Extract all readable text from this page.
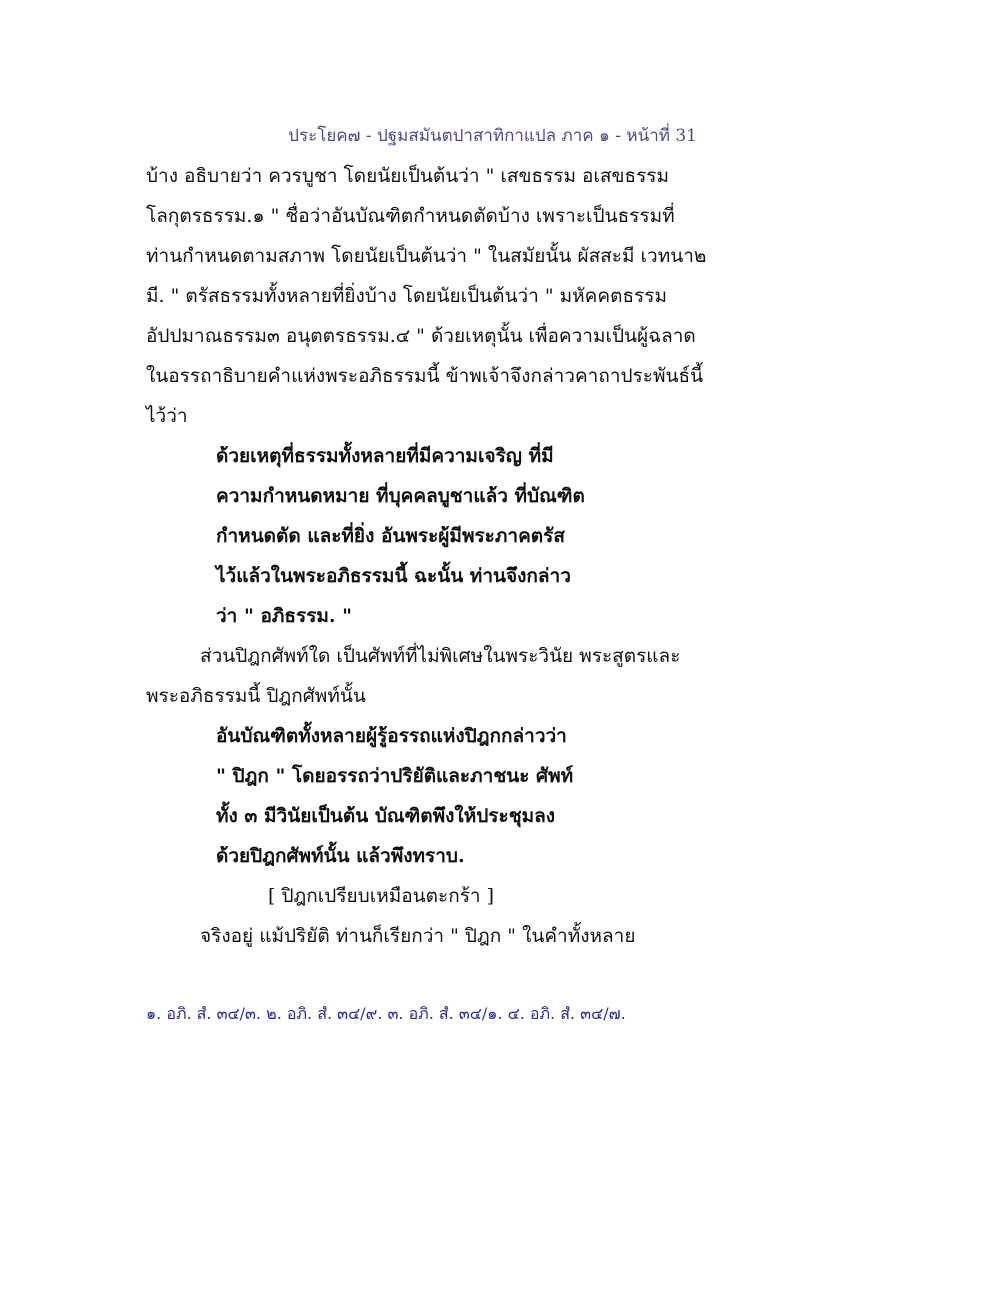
ประโยค๗ - ปฐมสมันตปาสาทิกาแปล ภาค ๑ - หน้าที่ 31
บ้าง อธิบายว่า ควรบูชา โดยนัยเป็นต้นว่า " เสขธรรม อเสขธรรม
โลกุตรธรรม.๑ " ชื่อว่าอันบัณฑิตกำหนดตัดบ้าง เพราะเป็นธรรมที่
ท่านกำหนดตามสภาพ โดยนัยเป็นต้นว่า " ในสมัยนั้น ผัสสะมี เวทนา๒
มี. " ตรัสธรรมทั้งหลายที่ยิ่งบ้าง โดยนัยเป็นต้นว่า " มหัคคตธรรม
อัปปมาณธรรม๓ อนุตตรธรรม.๔ " ด้วยเหตุนั้น เพื่อความเป็นผู้ฉลาด
ในอรรถาธิบายคำแห่งพระอภิธรรมนี้ ข้าพเจ้าจึงกล่าวคาถาประพันธ์นี้
ไว้ว่า
ด้วยเหตุที่ธรรมทั้งหลายที่มีความเจริญ ที่มี
ความกำหนดหมาย ที่บุคคลบูชาแล้ว ที่บัณฑิต
กำหนดตัด และที่ยิ่ง อันพระผู้มีพระภาคตรัส
ไว้แล้วในพระอภิธรรมนี้ ฉะนั้น ท่านจึงกล่าว
ว่า " อภิธรรม. "
ส่วนปิฎกศัพท์ใด เป็นศัพท์ที่ไม่พิเศษในพระวินัย พระสูตรและ
พระอภิธรรมนี้ ปิฎกศัพท์นั้น
อันบัณฑิตทั้งหลายผู้รู้อรรถแห่งปิฎกกล่าวว่า
" ปิฎก " โดยอรรถว่าปริยัติและภาชนะ ศัพท์
ทั้ง ๓ มีวินัยเป็นต้น บัณฑิตพึงให้ประชุมลง
ด้วยปิฎกศัพท์นั้น แล้วพึงทราบ.
[ ปิฎกเปรียบเหมือนตะกร้า ]
จริงอยู่ แม้ปริยัติ ท่านก็เรียกว่า " ปิฎก " ในคำทั้งหลาย
๑. อภิ. สํ. ๓๔/๓. ๒. อภิ. สํ. ๓๔/๙. ๓. อภิ. สํ. ๓๔/๑. ๔. อภิ. สํ. ๓๔/๗.
